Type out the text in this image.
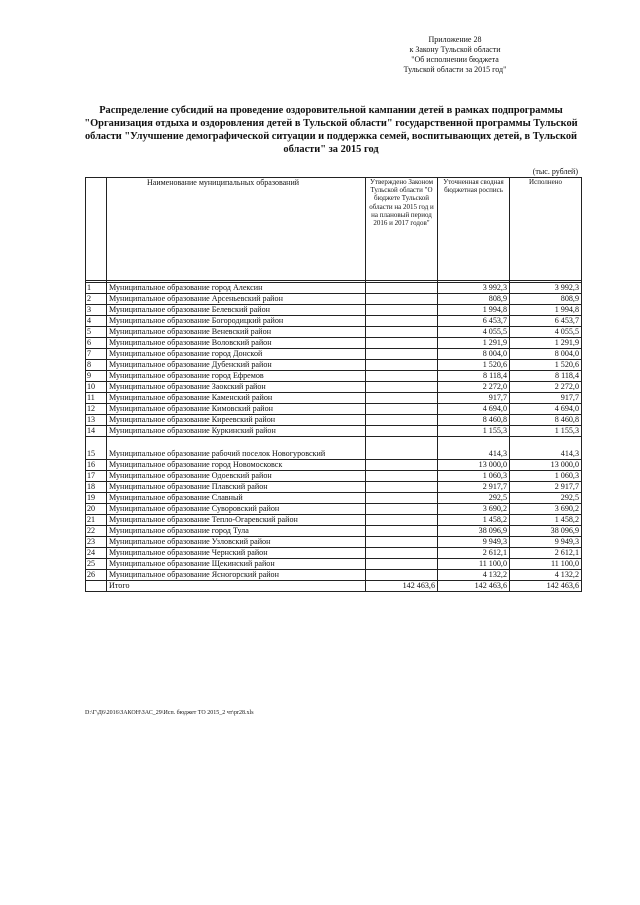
Приложение 28
к Закону Тульской области
"Об исполнении бюджета
Тульской области за 2015 год"
Распределение субсидий на проведение оздоровительной кампании детей в рамках подпрограммы "Организация отдыха и оздоровления детей в Тульской области" государственной программы Тульской области "Улучшение демографической ситуации и поддержка семей, воспитывающих детей, в Тульской области" за 2015 год
(тыс. рублей)
	Наименование муниципальных образований	Утверждено Законом Тульской области "О бюджете Тульской области на 2015 год и на плановый период 2016 и 2017 годов"	Уточненная сводная бюджетная роспись	Исполнено

1	Муниципальное образование город Алексин		3 992,3	3 992,3
2	Муниципальное образование Арсеньевский район		808,9	808,9
3	Муниципальное образование Белевский район		1 994,8	1 994,8
4	Муниципальное образование Богородицкий район		6 453,7	6 453,7
5	Муниципальное образование Веневский район		4 055,5	4 055,5
6	Муниципальное образование Воловский район		1 291,9	1 291,9
7	Муниципальное образование город Донской		8 004,0	8 004,0
8	Муниципальное образование Дубенский район		1 520,6	1 520,6
9	Муниципальное образование город Ефремов		8 118,4	8 118,4
10	Муниципальное образование Заокский район		2 272,0	2 272,0
11	Муниципальное образование Каменский район		917,7	917,7
12	Муниципальное образование Кимовский район		4 694,0	4 694,0
13	Муниципальное образование Киреевский район		8 460,8	8 460,8
14	Муниципальное образование Куркинский район		1 155,3	1 155,3
15	Муниципальное образование рабочий поселок Новогуровский		414,3	414,3
16	Муниципальное образование город Новомосковск		13 000,0	13 000,0
17	Муниципальное образование Одоевский район		1 060,3	1 060,3
18	Муниципальное образование Плавский район		2 917,7	2 917,7
19	Муниципальное образование Славный		292,5	292,5
20	Муниципальное образование Суворовский район		3 690,2	3 690,2
21	Муниципальное образование Тепло-Огаревский район		1 458,2	1 458,2
22	Муниципальное образование город Тула		38 096,9	38 096,9
23	Муниципальное образование Узловский район		9 949,3	9 949,3
24	Муниципальное образование Чернский район		2 612,1	2 612,1
25	Муниципальное образование Щекинский район		11 100,0	11 100,0
26	Муниципальное образование Ясногорский район		4 132,2	4 132,2
	Итого	142 463,6	142 463,6	142 463,6
D:\Г\Д6\2016\ЗАКОН\ЗАС_29\Исп. бюджет ТО 2015_2 чт\pr28.xls
